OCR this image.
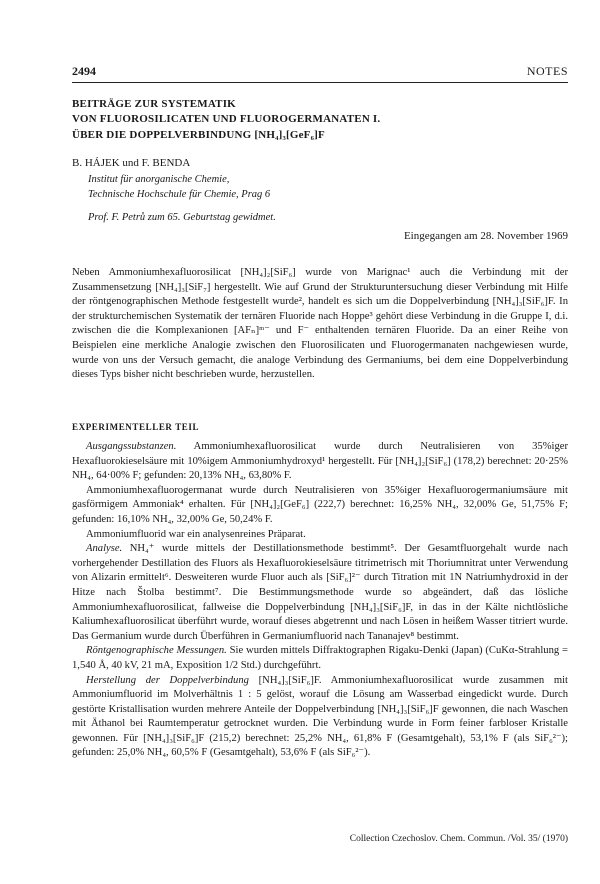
2494	NOTES
BEITRÄGE ZUR SYSTEMATIK
VON FLUOROSILICATEN UND FLUOROGERMANATEN I.
ÜBER DIE DOPPELVERBINDUNG [NH₄]₃[GeF₆]F
B. HÁJEK und F. BENDA
Institut für anorganische Chemie,
Technische Hochschule für Chemie, Prag 6
Prof. F. Petrů zum 65. Geburtstag gewidmet.
Eingegangen am 28. November 1969

Neben Ammoniumhexafluorosilicat [NH₄]₂[SiF₆] wurde von Marignac¹ auch die Verbindung mit der Zusammensetzung [NH₄]₃[SiF₇] hergestellt. Wie auf Grund der Strukturuntersuchung dieser Verbindung mit Hilfe der röntgenographischen Methode festgestellt wurde², handelt es sich um die Doppelverbindung [NH₄]₃[SiF₆]F. In der strukturchemischen Systematik der ternären Fluoride nach Hoppe³ gehört diese Verbindung in die Gruppe I, d.i. zwischen die die Komplexanionen [AFₙ]ᵐ⁻ und F⁻ enthaltenden ternären Fluoride. Da an einer Reihe von Beispielen eine merkliche Analogie zwischen den Fluorosilicaten und Fluorogermanaten nachgewiesen wurde, wurde von uns der Versuch gemacht, die analoge Verbindung des Germaniums, bei dem eine Doppelverbindung dieses Typs bisher nicht beschrieben wurde, herzustellen.

EXPERIMENTELLER TEIL

Ausgangssubstanzen. Ammoniumhexafluorosilicat wurde durch Neutralisieren von 35%iger Hexafluorokieselsäure mit 10%igem Ammoniumhydroxyd¹ hergestellt. Für [NH₄]₂[SiF₆] (178,2) berechnet: 20·25% NH₄, 64·00% F; gefunden: 20,13% NH₄, 63,80% F.

Ammoniumhexafluorogermanat wurde durch Neutralisieren von 35%iger Hexafluorogermaniumsäure mit gasförmigem Ammoniak⁴ erhalten. Für [NH₄]₂[GeF₆] (222,7) berechnet: 16,25% NH₄, 32,00% Ge, 51,75% F; gefunden: 16,10% NH₄, 32,00% Ge, 50,24% F.

Ammoniumfluorid war ein analysenreines Präparat.

Analyse. NH₄⁺ wurde mittels der Destillationsmethode bestimmt⁵. Der Gesamtfluorgehalt wurde nach vorhergehender Destillation des Fluors als Hexafluorokieselsäure titrimetrisch mit Thoriumnitrat unter Verwendung von Alizarin ermittelt⁶. Desweiteren wurde Fluor auch als [SiF₆]²⁻ durch Titration mit 1N Natriumhydroxid in der Hitze nach Štolba bestimmt⁷. Die Bestimmungsmethode wurde so abgeändert, daß das lösliche Ammoniumhexafluorosilicat, fallweise die Doppelverbindung [NH₄]₃[SiF₆]F, in das in der Kälte nichtlösliche Kaliumhexafluorosilicat überführt wurde, worauf dieses abgetrennt und nach Lösen in heißem Wasser titriert wurde. Das Germanium wurde durch Überführen in Germaniumfluorid nach Tananajev⁸ bestimmt.

Röntgenographische Messungen. Sie wurden mittels Diffraktographen Rigaku-Denki (Japan) (CuKα-Strahlung = 1,540 Å, 40 kV, 21 mA, Exposition 1/2 Std.) durchgeführt.

Herstellung der Doppelverbindung [NH₄]₃[SiF₆]F. Ammoniumhexafluorosilicat wurde zusammen mit Ammoniumfluorid im Molverhältnis 1 : 5 gelöst, worauf die Lösung am Wasserbad eingedickt wurde. Durch gestörte Kristallisation wurden mehrere Anteile der Doppelverbindung [NH₄]₃[SiF₆]F gewonnen, die nach Waschen mit Äthanol bei Raumtemperatur getrocknet wurden. Die Verbindung wurde in Form feiner farbloser Kristalle gewonnen. Für [NH₄]₃[SiF₆]F (215,2) berechnet: 25,2% NH₄, 61,8% F (Gesamtgehalt), 53,1% F (als SiF₆²⁻); gefunden: 25,0% NH₄, 60,5% F (Gesamtgehalt), 53,6% F (als SiF₆²⁻).

Collection Czechoslov. Chem. Commun. /Vol. 35/ (1970)
